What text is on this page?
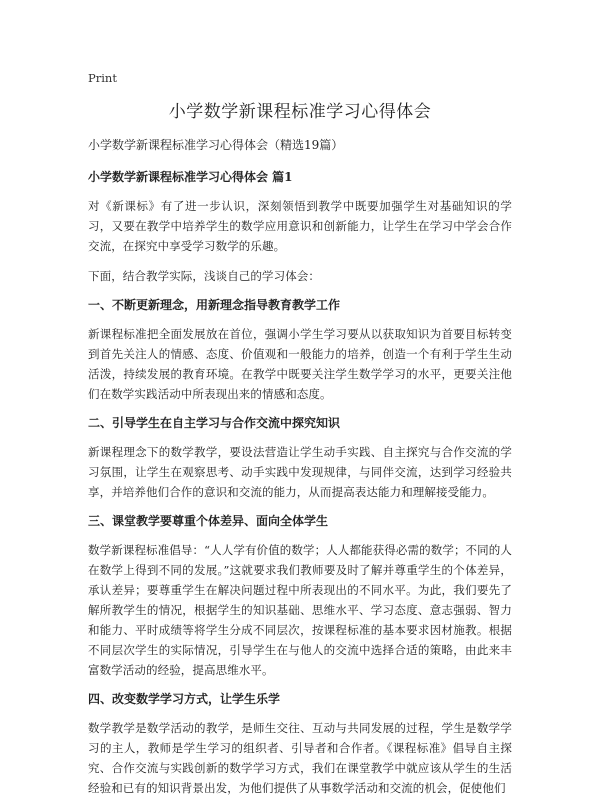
Print
小学数学新课程标准学习心得体会

小学数学新课程标准学习心得体会（精选19篇）

小学数学新课程标准学习心得体会 篇1

对《新课标》有了进一步认识，深刻领悟到教学中既要加强学生对基础知识的学习，又要在教学中培养学生的数学应用意识和创新能力，让学生在学习中学会合作交流，在探究中享受学习数学的乐趣。

下面，结合教学实际，浅谈自己的学习体会：

一、不断更新理念，用新理念指导教育教学工作

新课程标准把全面发展放在首位，强调小学生学习要从以获取知识为首要目标转变到首先关注人的情感、态度、价值观和一般能力的培养，创造一个有利于学生生动活泼，持续发展的教育环境。在教学中既要关注学生数学学习的水平，更要关注他们在数学实践活动中所表现出来的情感和态度。

二、引导学生在自主学习与合作交流中探究知识

新课程理念下的数学教学，要设法营造让学生动手实践、自主探究与合作交流的学习氛围，让学生在观察思考、动手实践中发现规律，与同伴交流，达到学习经验共享，并培养他们合作的意识和交流的能力，从而提高表达能力和理解接受能力。

三、课堂教学要尊重个体差异、面向全体学生

数学新课程标准倡导：“人人学有价值的数学；人人都能获得必需的数学；不同的人在数学上得到不同的发展。”这就要求我们教师要及时了解并尊重学生的个体差异，承认差异；要尊重学生在解决问题过程中所表现出的不同水平。为此，我们要先了解所教学生的情况，根据学生的知识基础、思维水平、学习态度、意志强弱、智力和能力、平时成绩等将学生分成不同层次，按课程标准的基本要求因材施教。根据不同层次学生的实际情况，引导学生在与他人的交流中选择合适的策略，由此来丰富数学活动的经验，提高思维水平。

四、改变数学学习方式，让学生乐学

数学教学是数学活动的教学，是师生交往、互动与共同发展的过程，学生是数学学习的主人，教师是学生学习的组织者、引导者和合作者。《课程标准》倡导自主探究、合作交流与实践创新的数学学习方式，我们在课堂教学中就应该从学生的生活经验和已有的知识背景出发，为他们提供了从事数学活动和交流的机会，促使他们
